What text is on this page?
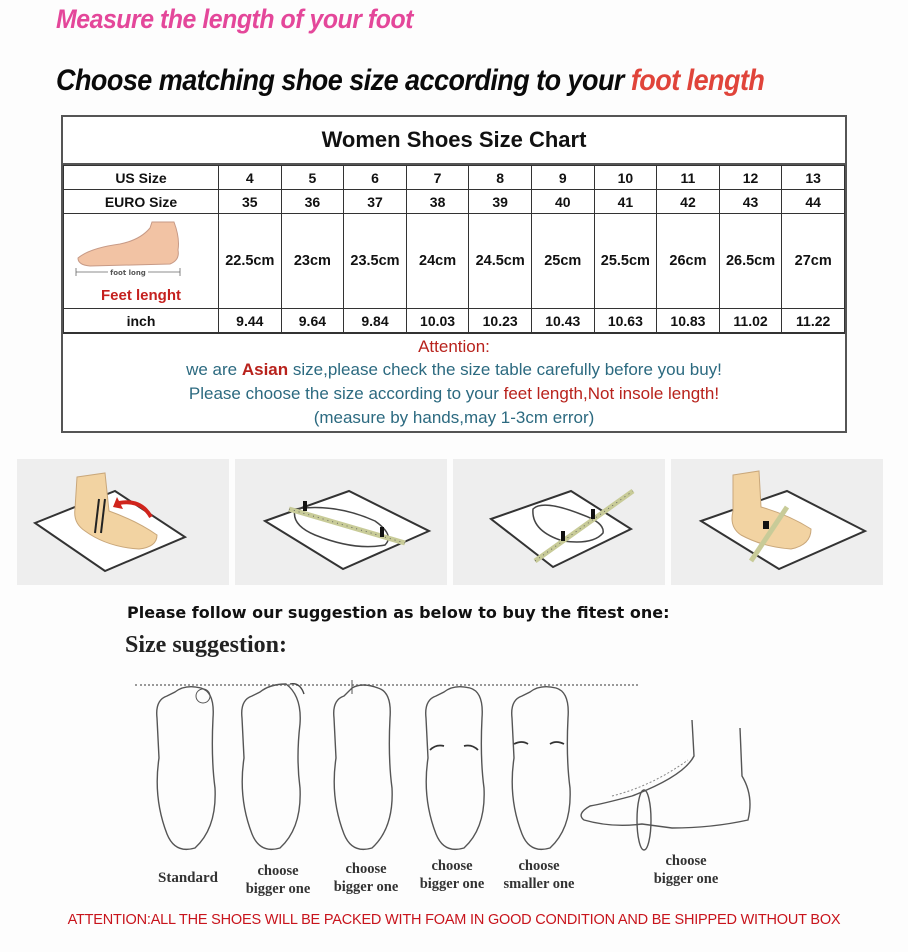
Measure the length of your foot
Choose matching shoe size according to your foot length
Women Shoes Size Chart
US Size	4	5	6	7	8	9	10	11	12	13
EURO Size	35	36	37	38	39	40	41	42	43	44

foot long
Feet lenght	22.5cm	23cm	23.5cm	24cm	24.5cm	25cm	25.5cm	26cm	26.5cm	27cm
inch	9.44	9.64	9.84	10.03	10.23	10.43	10.63	10.83	11.02	11.22
Attention:
we are Asian size,please check the size table carefully before you buy!
Please choose the size according to your feet length,Not insole length!
(measure by hands,may 1-3cm error)
Please follow our suggestion as below to buy the fitest one:
Size suggestion:
Standard	choose
bigger one
choose
bigger one
choose
bigger one
choose
smaller one
choose
bigger one
ATTENTION:ALL THE SHOES WILL BE PACKED WITH FOAM IN GOOD CONDITION AND BE SHIPPED WITHOUT BOX
